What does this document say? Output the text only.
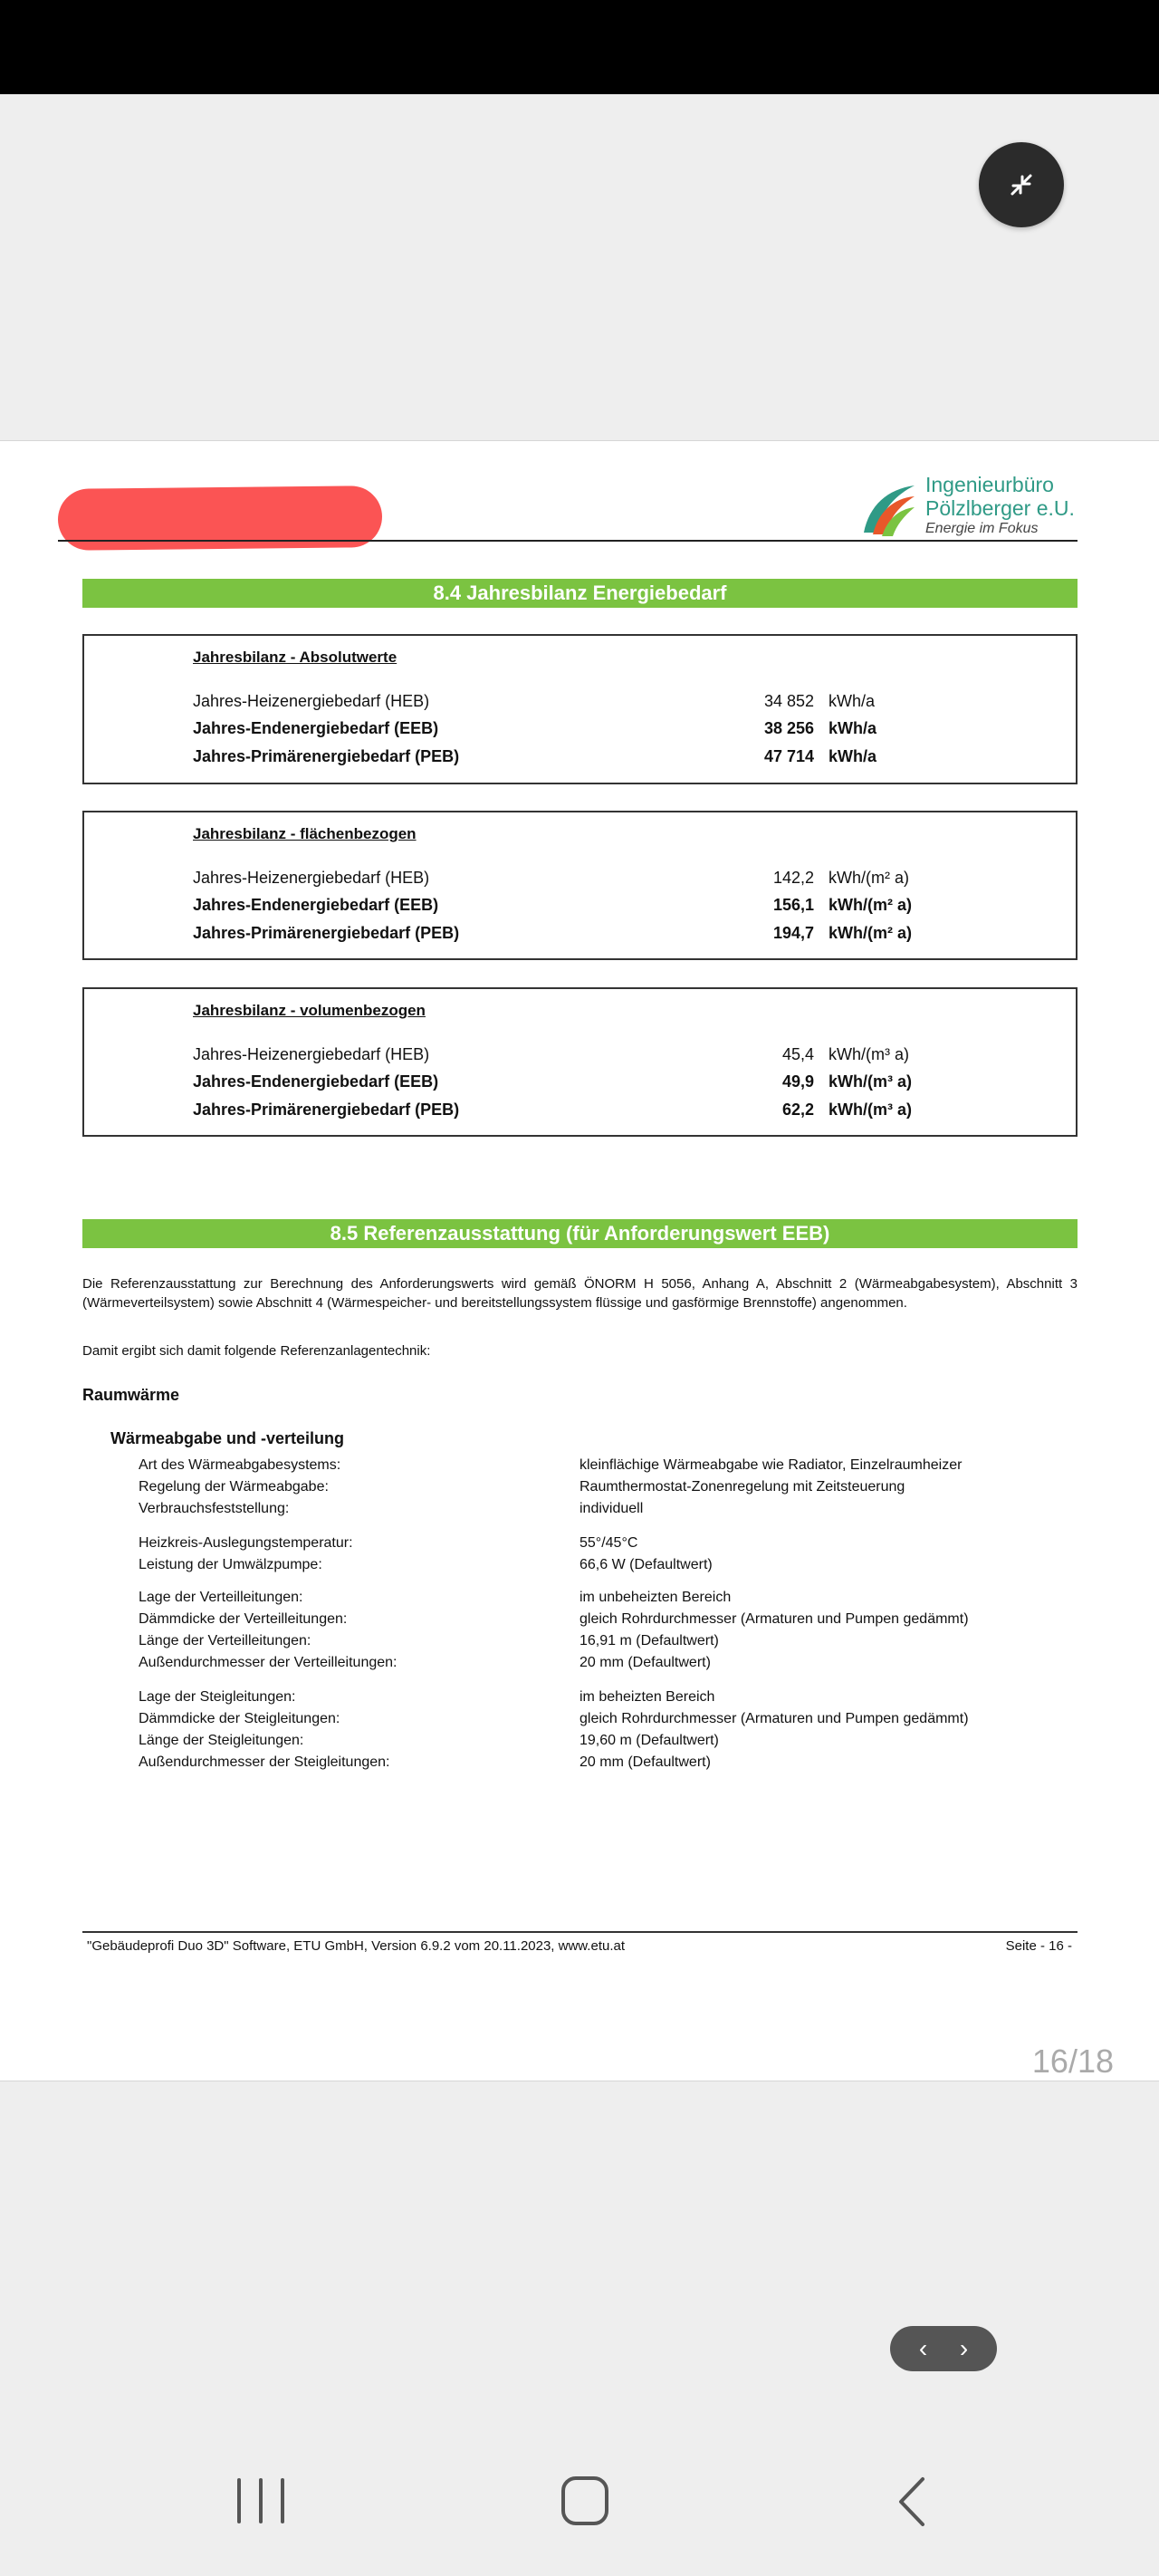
Ingenieurbüro
Pölzlberger e.U.
Energie im Fokus
8.4 Jahresbilanz Energiebedarf
Jahresbilanz - Absolutwerte
Jahres-Heizenergiebedarf (HEB)	34 852 kWh/a
Jahres-Endenergiebedarf (EEB)	38 256 kWh/a
Jahres-Primärenergiebedarf (PEB)	47 714 kWh/a
Jahresbilanz - flächenbezogen
Jahres-Heizenergiebedarf (HEB)	142,2 kWh/(m² a)
Jahres-Endenergiebedarf (EEB)	156,1 kWh/(m² a)
Jahres-Primärenergiebedarf (PEB)	194,7 kWh/(m² a)
Jahresbilanz - volumenbezogen
Jahres-Heizenergiebedarf (HEB)	45,4 kWh/(m³ a)
Jahres-Endenergiebedarf (EEB)	49,9 kWh/(m³ a)
Jahres-Primärenergiebedarf (PEB)	62,2 kWh/(m³ a)
8.5 Referenzausstattung (für Anforderungswert EEB)
Die Referenzausstattung zur Berechnung des Anforderungswerts wird gemäß ÖNORM H 5056, Anhang A, Abschnitt 2 (Wärmeabgabesystem), Abschnitt 3 (Wärmeverteilsystem) sowie Abschnitt 4 (Wärmespeicher- und bereitstellungssystem flüssige und gasförmige Brennstoffe) angenommen.
Damit ergibt sich damit folgende Referenzanlagentechnik:
Raumwärme
Wärmeabgabe und -verteilung
Art des Wärmeabgabesystems:	kleinflächige Wärmeabgabe wie Radiator, Einzelraumheizer
Regelung der Wärmeabgabe:	Raumthermostat-Zonenregelung mit Zeitsteuerung
Verbrauchsfeststellung:	individuell
Heizkreis-Auslegungstemperatur:	55°/45°C
Leistung der Umwälzpumpe:	66,6 W (Defaultwert)
Lage der Verteilleitungen:	im unbeheizten Bereich
Dämmdicke der Verteilleitungen:	gleich Rohrdurchmesser (Armaturen und Pumpen gedämmt)
Länge der Verteilleitungen:	16,91 m (Defaultwert)
Außendurchmesser der Verteilleitungen:	20 mm (Defaultwert)
Lage der Steigleitungen:	im beheizten Bereich
Dämmdicke der Steigleitungen:	gleich Rohrdurchmesser (Armaturen und Pumpen gedämmt)
Länge der Steigleitungen:	19,60 m (Defaultwert)
Außendurchmesser der Steigleitungen:	20 mm (Defaultwert)
"Gebäudeprofi Duo 3D" Software, ETU GmbH, Version 6.9.2 vom 20.11.2023, www.etu.at	Seite - 16 -
16/18
‹ ›
